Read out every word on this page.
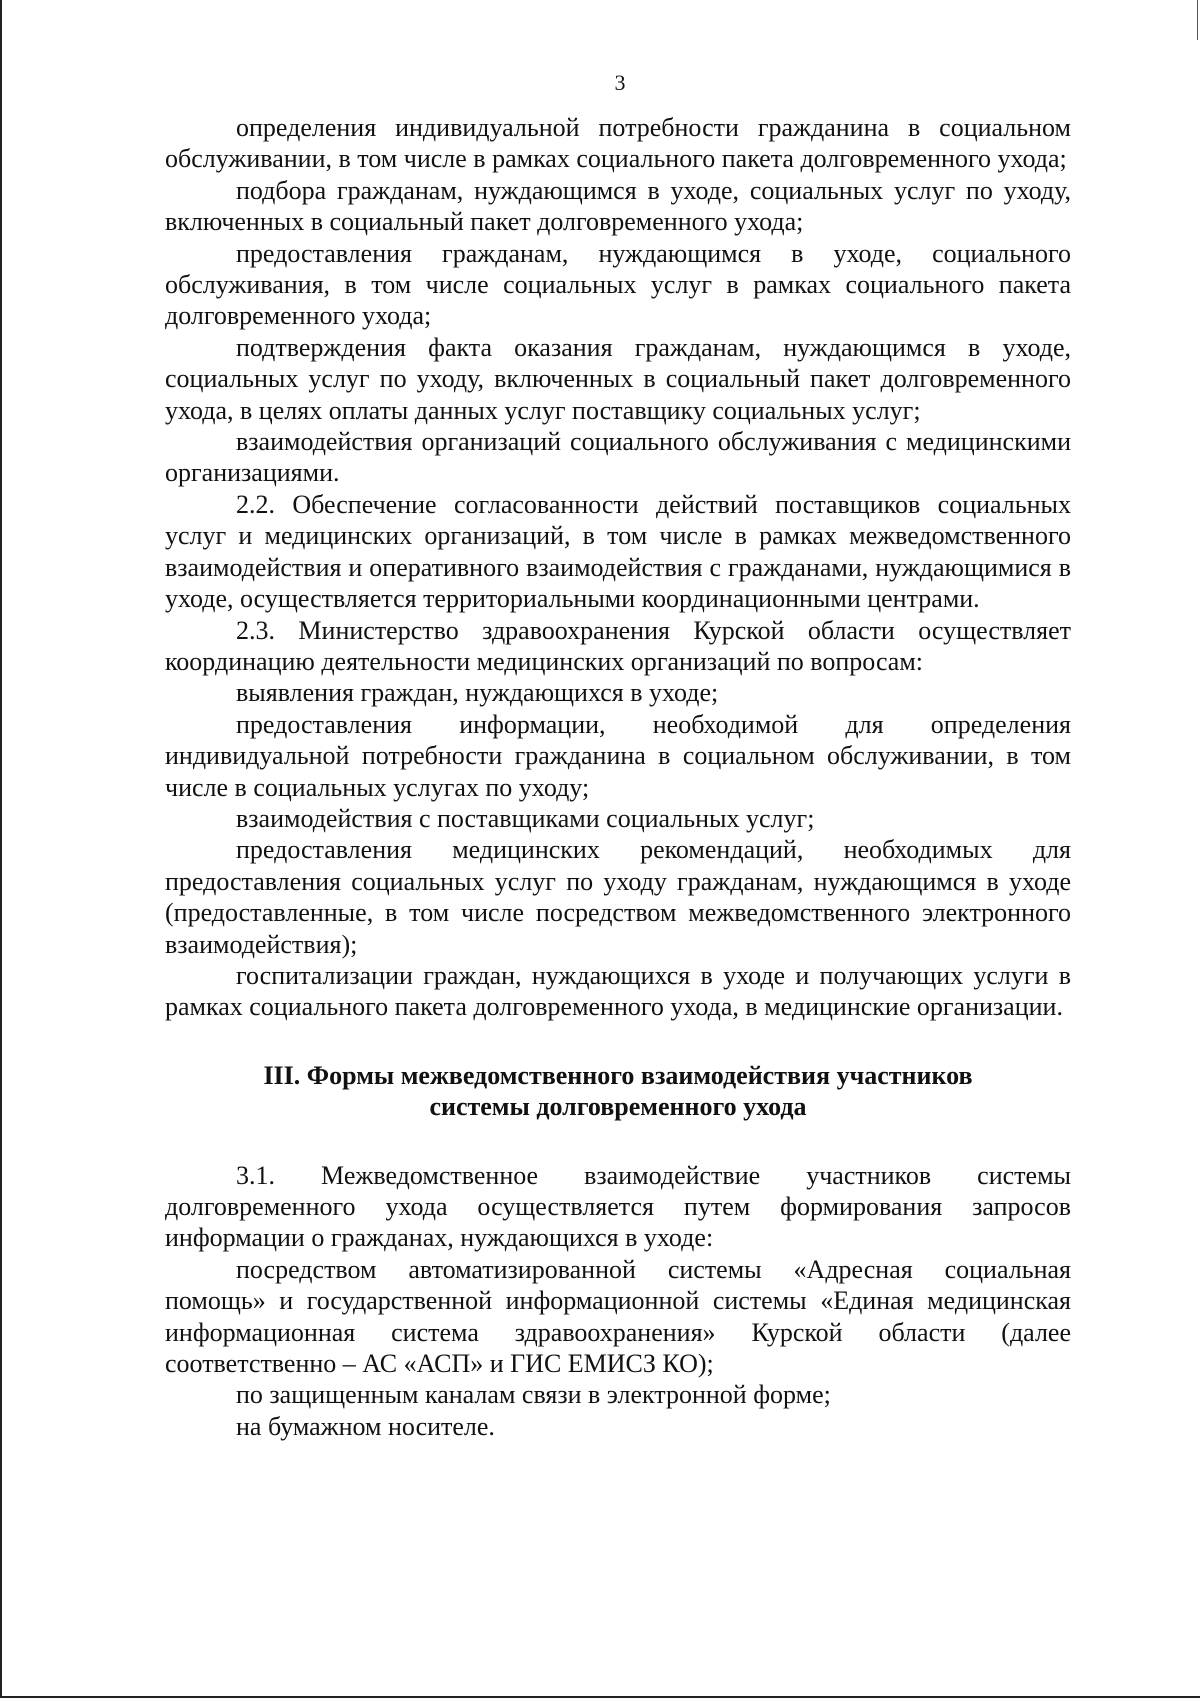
3

определения индивидуальной потребности гражданина в социальном обслуживании, в том числе в рамках социального пакета долговременного ухода;

подбора гражданам, нуждающимся в уходе, социальных услуг по уходу, включенных в социальный пакет долговременного ухода;

предоставления гражданам, нуждающимся в уходе, социального обслуживания, в том числе социальных услуг в рамках социального пакета долговременного ухода;

подтверждения факта оказания гражданам, нуждающимся в уходе, социальных услуг по уходу, включенных в социальный пакет долговременного ухода, в целях оплаты данных услуг поставщику социальных услуг;

взаимодействия организаций социального обслуживания с медицинскими организациями.

2.2. Обеспечение согласованности действий поставщиков социальных услуг и медицинских организаций, в том числе в рамках межведомственного взаимодействия и оперативного взаимодействия с гражданами, нуждающимися в уходе, осуществляется территориальными координационными центрами.

2.3. Министерство здравоохранения Курской области осуществляет координацию деятельности медицинских организаций по вопросам:

выявления граждан, нуждающихся в уходе;

предоставления информации, необходимой для определения индивидуальной потребности гражданина в социальном обслуживании, в том числе в социальных услугах по уходу;

взаимодействия с поставщиками социальных услуг;

предоставления медицинских рекомендаций, необходимых для предоставления социальных услуг по уходу гражданам, нуждающимся в уходе (предоставленные, в том числе посредством межведомственного электронного взаимодействия);

госпитализации граждан, нуждающихся в уходе и получающих услуги в рамках социального пакета долговременного ухода, в медицинские организации.

III. Формы межведомственного взаимодействия участников
системы долговременного ухода

3.1. Межведомственное взаимодействие участников системы долговременного ухода осуществляется путем формирования запросов информации о гражданах, нуждающихся в уходе:

посредством автоматизированной системы «Адресная социальная помощь» и государственной информационной системы «Единая медицинская информационная система здравоохранения» Курской области (далее соответственно – АС «АСП» и ГИС ЕМИСЗ КО);

по защищенным каналам связи в электронной форме;

на бумажном носителе.
